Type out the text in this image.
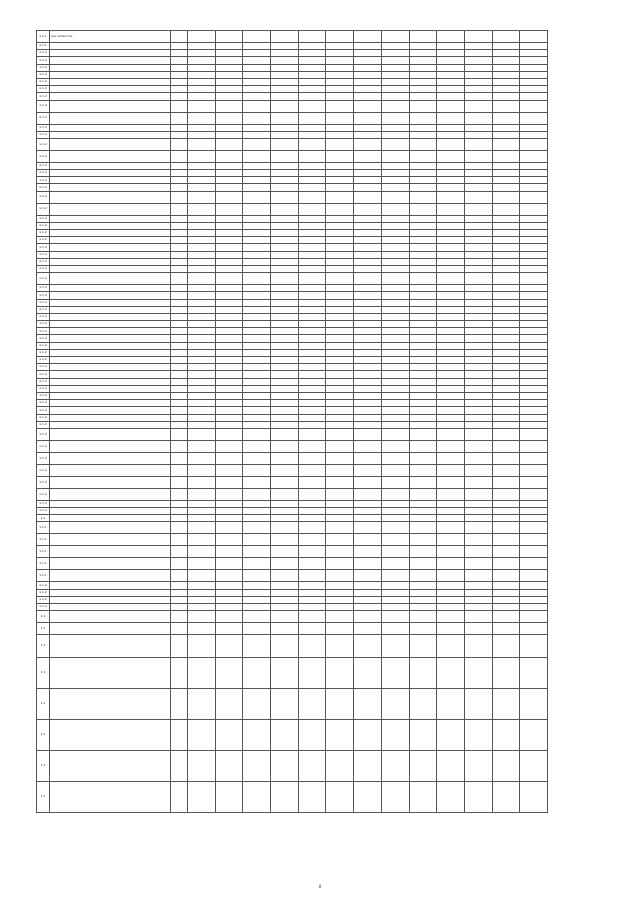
1.1.1	(не читается)														
1.1.1															
1.1.2															
1.1.2															
1.1.2															
1.1.2															
1.1.2															
1.1.2															
1.1.2															
1.1.2															
1.1.2															
1.1.2															
1.1.2															
1.1.2															
1.1.2															
1.1.2															
1.1.2															
1.1.2															
1.1.2															
1.1.2															
1.1.2															
1.1.2															
1.1.2															
1.1.2															
1.1.2															
1.1.2															
1.1.2															
1.1.2															
1.1.2															
1.1.2															
1.1.2															
1.1.2															
1.1.2															
1.1.2															
1.1.2															
1.1.2															
1.1.2															
1.1.2															
1.1.2															
1.1.2															
1.1.2															
1.1.2															
1.1.2															
1.1.2															
1.1.2															
1.1.2															
1.1.2															
1.1.2															
1.1.2															
1.1.2															
1.1.2															
1.1.2															
1.1.2															
1.1.2															
1.1.2															
1.1.2															
1.1.2															
1.1.2															
1.1															
1.1.1															
1.1.1															
1.1.1															
1.1.1															
1.1.1															
1.1.2															
1.1.2															
1.1.2															
1.1.2															
1.1															
1.1															
1.1															
1.1															
1.1															
1.1															
1.1															
1.1															
8
